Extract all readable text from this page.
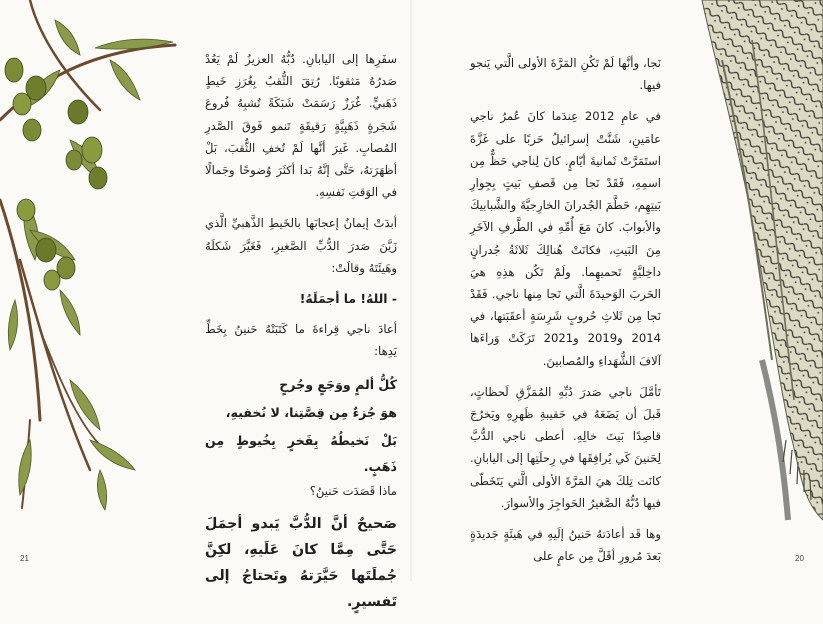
سفَرِها إلى اليابانِ. دُبُّهُ العزيزُ لَمْ يَعُدْ صَدرُهُ مَثقوبًا. رُتِقَ الثُّقبُ بِغُرَزِ خَيطٍ ذَهَبيٍّ. غُرَزٌ رَسَمَتْ شَبَكَةً تُشبِهُ فُروعَ شَجَرةٍ ذَهَبِيَّةٍ رَقيقَةٍ تَنمو فَوقَ الصَّدرِ المُصابِ. غَيرَ أنَّها لَمْ تُخفِ الثُّقبَ، بَلْ أظهَرَتهُ، حَتَّى إنَّهُ بَدا أكثَرَ وُضوحًا وجَمالًا في الوَقتِ نَفسِهِ.

أبدَتْ إيمانُ إعجابَها بالخَيطِ الذَّهبيِّ الَّذي زَيَّنَ صَدرَ الدُّبِّ الصَّغيرِ، فَغَيَّرَ شَكلَهُ وهَيئَتَهُ وقالَتْ:

- اللهُ! ما أجمَلَهُ!

أعادَ ناجي قِراءةَ ما كَتَبَتْهُ حَنينُ بِخَطِّ يَدِها:

كُلُّ ألمٍ ووَجَعٍ وجُرحٍ

هوَ جُزءٌ مِن قِصَّتِنا، لا نُخفيهِ،

بَلْ نَخيطُهُ بِفَخرٍ بِخُيوطٍ مِن ذَهَبٍ.

ماذا قَصَدَت حَنينُ؟

صَحيحٌ أنَّ الدُّبَّ يَبدو أجمَلَ حَتَّى مِمَّا كانَ عَلَيهِ، لكِنَّ جُملَتَها حَيَّرَتهُ وتَحتاجُ إلى تَفسيرٍ.

نَجا، وأنَّها لَمْ تَكُنِ المَرَّةَ الأولى الَّتي يَنجو فيها.

في عامِ 2012 عِندَما كانَ عُمرُ ناجي عامَينِ، شَنَّتْ إسرائيلُ حَربًا على غَزَّةَ استَمَرَّتْ ثَمانيةَ أيّامٍ. كانَ لِناجي حَظٌّ مِن اسمِهِ، فَقَدْ نَجا مِن قَصفِ بَيتٍ بِجِوارِ بَيتِهِم، حَطَّمَ الجُدرانَ الخارِجيَّةَ والشَّبابيكَ والأبوابَ. كانَ مَعَ أُمِّهِ في الطَّرفِ الآخَرِ مِنَ البَيتِ، فكانَتْ هُنالِكَ ثَلاثَةُ جُدرانٍ داخِليَّةٍ تَحميهِما. ولَمْ تَكُن هذِهِ هيَ الحَربَ الوَحيدَةَ الَّتي نَجا مِنها ناجي. فَقَدْ نَجا مِن ثَلاثِ حُروبٍ شَرِسَةٍ أعقَبَتها، في 2014 و2019 و2021 تَرَكَتْ وَراءَها آلافَ الشُّهَداءِ والمُصابينَ.

تَأمَّلَ ناجي صَدرَ دُبِّهِ المُمَزَّقِ لَحظاتٍ، قَبلَ أن يَضَعَهُ في حَقيبةِ ظَهرِهِ ويَخرُجَ قاصِدًا بَيتَ خالِهِ. أعطى ناجي الدُّبَّ لِحَنينَ كَي يُرافِقَها في رِحلَتِها إلى اليابانِ. كانَت تِلكَ هيَ المَرَّةَ الأولى الَّتي يَتَخَطّى فيها دُبُّهُ الصَّغيرُ الحَواجِزَ والأسوارَ.

وها قَد أعادَتهُ حَنينُ إلَيهِ في هَيئَةٍ جَديدَةٍ بَعدَ مُرورِ أقَلَّ مِن عامٍ على

21	20
